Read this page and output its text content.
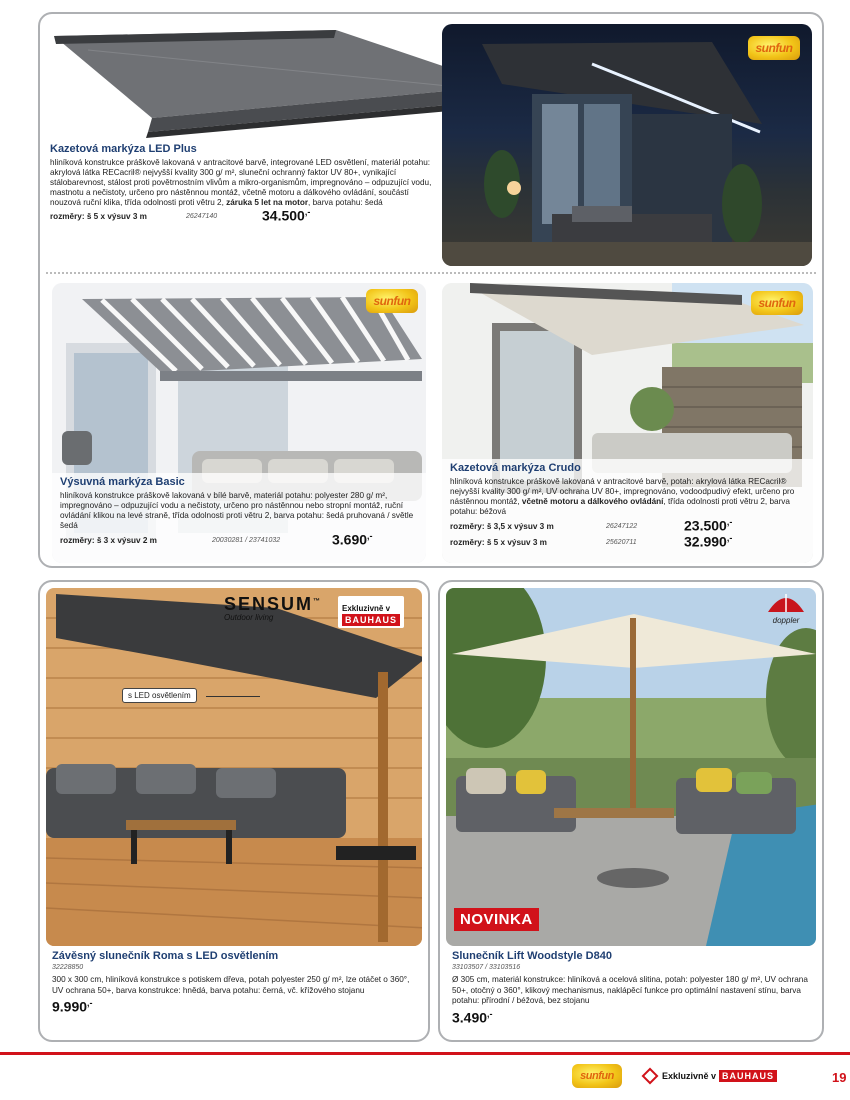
sunfun
Kazetová markýza LED Plus
hliníková konstrukce práškově lakovaná v antracitové barvě, integrované LED osvětlení, materiál potahu: akrylová látka RECacril® nejvyšší kvality 300 g/ m², sluneční ochranný faktor UV 80+, vynikající stálobarevnost, stálost proti povětrnostním vlivům a mikro-organismům, impregnováno – odpuzující vodu, mastnotu a nečistoty, určeno pro nástěnnou montáž, včetně motoru a dálkového ovládání, součástí nouzová ruční klika, třída odolnosti proti větru 2, záruka 5 let na motor, barva potahu: šedá
rozměry: š 5 x výsuv 3 m	26247140	34.500,-
sunfun
Výsuvná markýza Basic
hliníková konstrukce práškově lakovaná v bílé barvě, materiál potahu: polyester 280 g/ m², impregnováno – odpuzující vodu a nečistoty, určeno pro nástěnnou nebo stropní montáž, ruční ovládání klikou na levé straně, třída odolnosti proti větru 2, barva potahu: šedá pruhovaná / světle šedá
rozměry: š 3 x výsuv 2 m	20030281 / 23741032	3.690,-
sunfun
Kazetová markýza Crudo
hliníková konstrukce práškově lakovaná v antracitové barvě, potah: akrylová látka RECacril® nejvyšší kvality 300 g/ m², UV ochrana UV 80+, impregnováno, vodoodpudivý efekt, určeno pro nástěnnou montáž, včetně motoru a dálkového ovládání, třída odolnosti proti větru 2, barva potahu: béžová
rozměry: š 3,5 x výsuv 3 m	26247122	23.500,-
rozměry: š 5 x výsuv 3 m	25620711	32.990,-
SENSUM™
Outdoor living
Exkluzivně v
BAUHAUS
s LED osvětlením
Závěsný slunečník Roma s LED osvětlením
32228850
300 x 300 cm, hliníková konstrukce s potiskem dřeva, potah polyester 250 g/ m², lze otáčet o 360°, UV ochrana 50+, barva konstrukce: hnědá, barva potahu: černá, vč. křížového stojanu
9.990,-
doppler
NOVINKA
Slunečník Lift Woodstyle D840
33103507 / 33103516
Ø 305 cm, materiál konstrukce: hliníková a ocelová slitina, potah: polyester 180 g/ m², UV ochrana 50+, otočný o 360°, klikový mechanismus, naklápěcí funkce pro optimální nastavení stínu, barva potahu: přírodní / béžová, bez stojanu
3.490,-
sunfun	Exkluzivně v BAUHAUS	19
